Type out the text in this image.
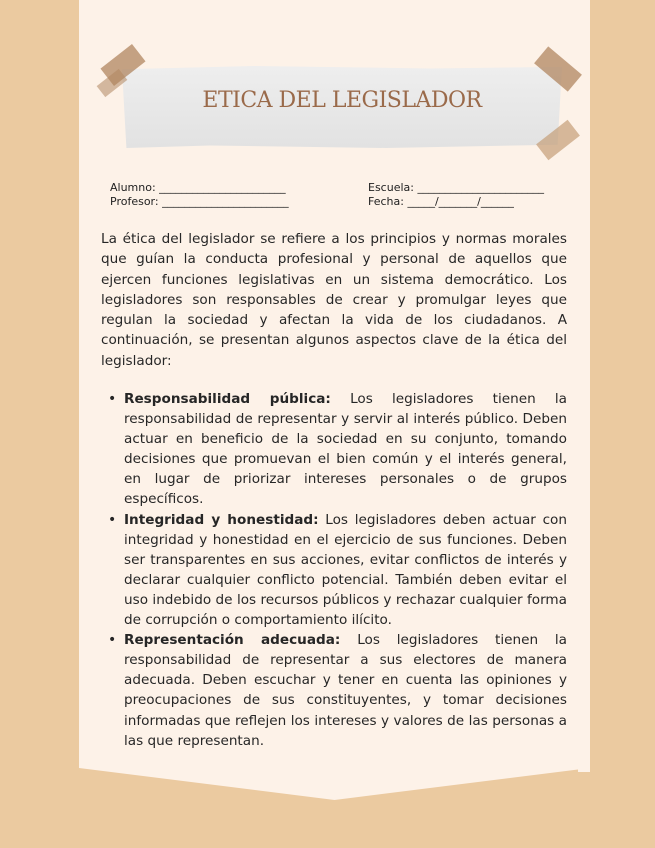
ETICA DEL LEGISLADOR
Alumno: _______________________
Profesor: _______________________
Escuela: _______________________
Fecha: _____/_______/______

La ética del legislador se refiere a los principios y normas morales que guían la conducta profesional y personal de aquellos que ejercen funciones legislativas en un sistema democrático. Los legisladores son responsables de crear y promulgar leyes que regulan la sociedad y afectan la vida de los ciudadanos. A continuación, se presentan algunos aspectos clave de la ética del legislador:

• Responsabilidad pública: Los legisladores tienen la responsabilidad de representar y servir al interés público. Deben actuar en beneficio de la sociedad en su conjunto, tomando decisiones que promuevan el bien común y el interés general, en lugar de priorizar intereses personales o de grupos específicos.
• Integridad y honestidad: Los legisladores deben actuar con integridad y honestidad en el ejercicio de sus funciones. Deben ser transparentes en sus acciones, evitar conflictos de interés y declarar cualquier conflicto potencial. También deben evitar el uso indebido de los recursos públicos y rechazar cualquier forma de corrupción o comportamiento ilícito.
• Representación adecuada: Los legisladores tienen la responsabilidad de representar a sus electores de manera adecuada. Deben escuchar y tener en cuenta las opiniones y preocupaciones de sus constituyentes, y tomar decisiones informadas que reflejen los intereses y valores de las personas a las que representan.
